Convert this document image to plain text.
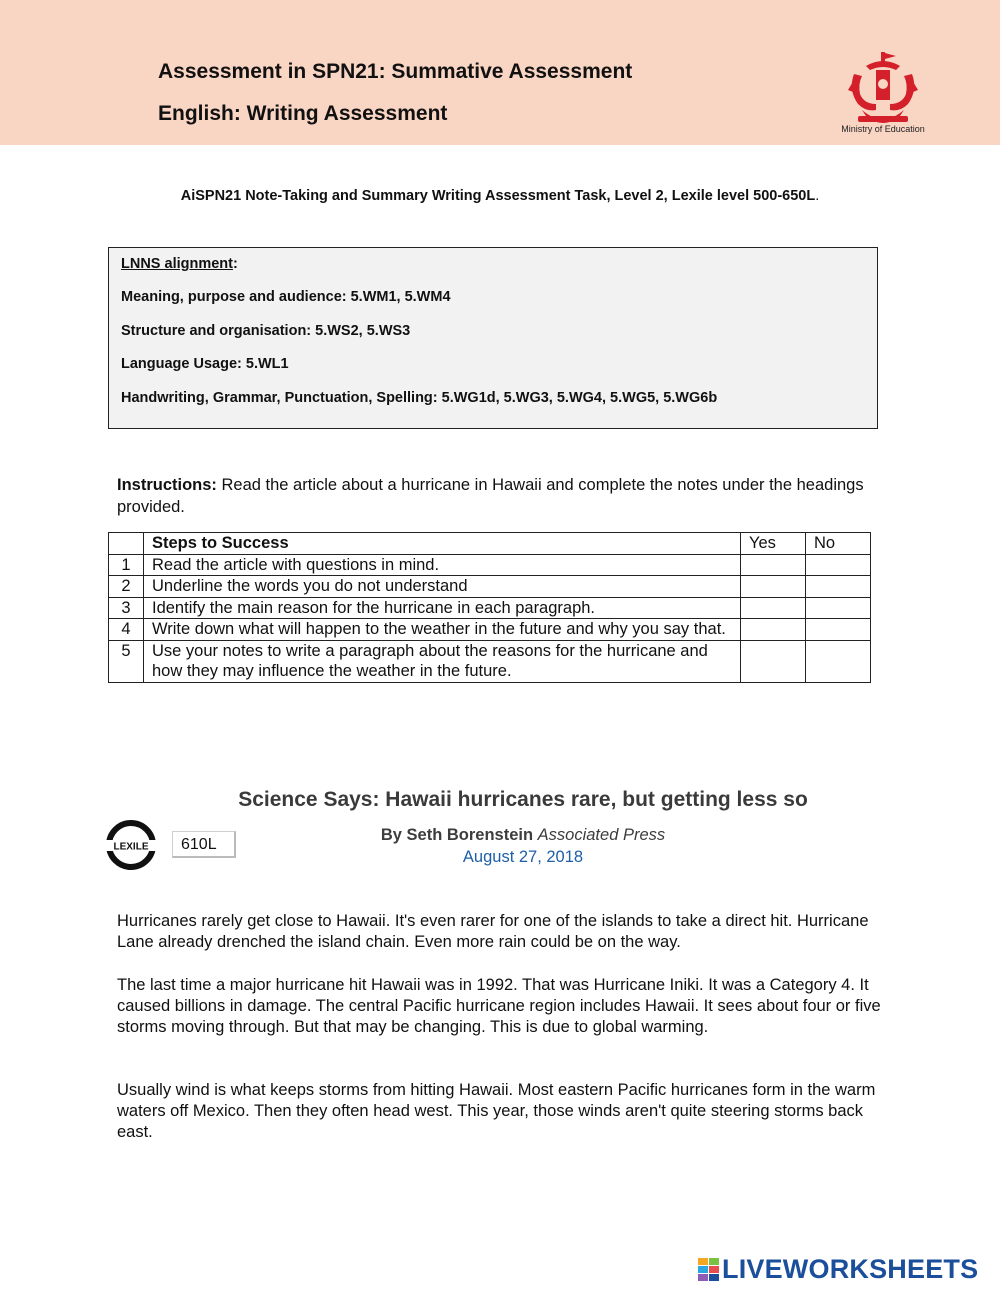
Assessment in SPN21: Summative Assessment
English: Writing Assessment
Ministry of Education
AiSPN21 Note-Taking and Summary Writing Assessment Task, Level 2, Lexile level 500-650L.
LNNS alignment:
Meaning, purpose and audience: 5.WM1, 5.WM4
Structure and organisation: 5.WS2, 5.WS3
Language Usage: 5.WL1
Handwriting, Grammar, Punctuation, Spelling: 5.WG1d, 5.WG3, 5.WG4, 5.WG5, 5.WG6b
Instructions: Read the article about a hurricane in Hawaii and complete the notes under the headings provided.
	Steps to Success	Yes	No
1	Read the article with questions in mind.		
2	Underline the words you do not understand		
3	Identify the main reason for the hurricane in each paragraph.		
4	Write down what will happen to the weather in the future and why you say that.		
5	Use your notes to write a paragraph about the reasons for the hurricane and how they may influence the weather in the future.		
Science Says: Hawaii hurricanes rare, but getting less so
LEXILE	610L
By Seth Borenstein Associated Press
August 27, 2018
Hurricanes rarely get close to Hawaii. It's even rarer for one of the islands to take a direct hit. Hurricane Lane already drenched the island chain. Even more rain could be on the way.
The last time a major hurricane hit Hawaii was in 1992. That was Hurricane Iniki. It was a Category 4. It caused billions in damage. The central Pacific hurricane region includes Hawaii. It sees about four or five storms moving through. But that may be changing. This is due to global warming.
Usually wind is what keeps storms from hitting Hawaii. Most eastern Pacific hurricanes form in the warm waters off Mexico. Then they often head west. This year, those winds aren't quite steering storms back east.
LIVEWORKSHEETS
